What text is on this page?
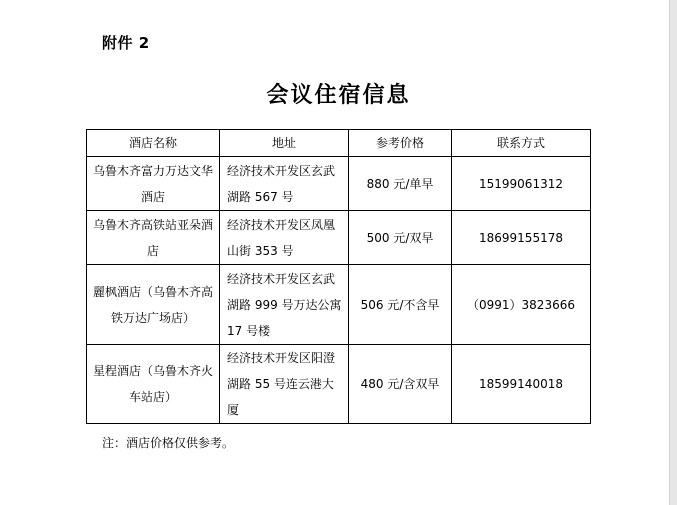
附件 2
会议住宿信息
酒店名称	地址	参考价格	联系方式
乌鲁木齐富力万达文华酒店	经济技术开发区玄武湖路 567 号	880 元/单早	15199061312
乌鲁木齐高铁站亚朵酒店	经济技术开发区凤凰山街 353 号	500 元/双早	18699155178
麗枫酒店（乌鲁木齐高铁万达广场店）	经济技术开发区玄武湖路 999 号万达公寓17 号楼	506 元/不含早	（0991）3823666
星程酒店（乌鲁木齐火车站店）	经济技术开发区阳澄湖路 55 号连云港大厦	480 元/含双早	18599140018
注：酒店价格仅供参考。
